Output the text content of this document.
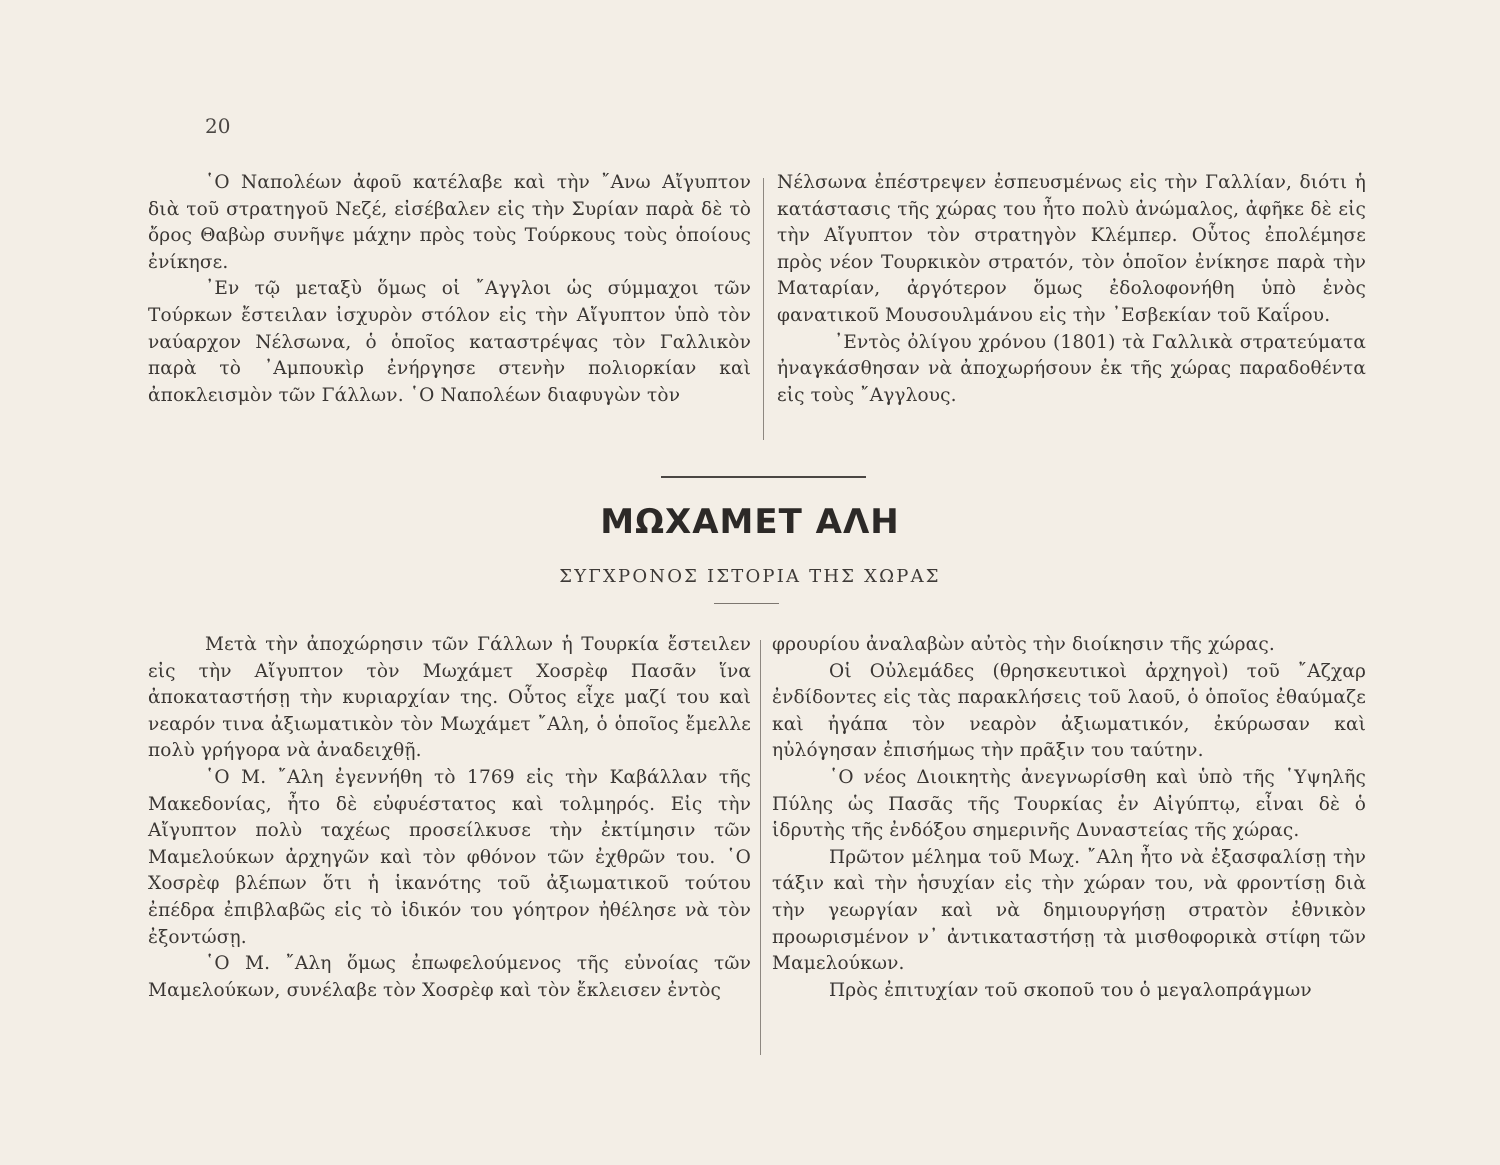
20

῾Ο Ναπολέων ἀφοῦ κατέλαβε καὶ τὴν ῎Ανω Αἴγυπτον διὰ τοῦ στρατηγοῦ Νεζέ, εἰσέβαλεν εἰς τὴν Συρίαν παρὰ δὲ τὸ ὄρος Θαβὼρ συνῆψε μάχην πρὸς τοὺς Τούρκους τοὺς ὁποίους ἐνίκησε.

᾿Εν τῷ μεταξὺ ὅμως οἱ ῎Αγγλοι ὡς σύμμαχοι τῶν Τούρκων ἔστειλαν ἰσχυρὸν στόλον εἰς τὴν Αἴγυπτον ὑπὸ τὸν ναύαρχον Νέλσωνα, ὁ ὁποῖος καταστρέψας τὸν Γαλλικὸν παρὰ τὸ ᾿Αμπουκὶρ ἐνήργησε στενὴν πολιορκίαν καὶ ἀποκλεισμὸν τῶν Γάλλων. ῾Ο Ναπολέων διαφυγὼν τὸν

Νέλσωνα ἐπέστρεψεν ἐσπευσμένως εἰς τὴν Γαλλίαν, διότι ἡ κατάστασις τῆς χώρας του ἦτο πολὺ ἀνώμαλος, ἀφῆκε δὲ εἰς τὴν Αἴγυπτον τὸν στρατηγὸν Κλέμπερ. Οὗτος ἐπολέμησε πρὸς νέον Τουρκικὸν στρατόν, τὸν ὁποῖον ἐνίκησε παρὰ τὴν Ματαρίαν, ἀργότερον ὅμως ἐδολοφονήθη ὑπὸ ἑνὸς φανατικοῦ Μουσουλμάνου εἰς τὴν ᾿Εσβεκίαν τοῦ Καΐρου.

᾿Εντὸς ὀλίγου χρόνου (1801) τὰ Γαλλικὰ στρατεύματα ἠναγκάσθησαν νὰ ἀποχωρήσουν ἐκ τῆς χώρας παραδοθέντα εἰς τοὺς ῎Αγγλους.

ΜΩΧΑΜΕΤ ΑΛΗ
ΣΥΓΧΡΟΝΟΣ ΙΣΤΟΡΙΑ ΤΗΣ ΧΩΡΑΣ

Μετὰ τὴν ἀποχώρησιν τῶν Γάλλων ἡ Τουρκία ἔστειλεν εἰς τὴν Αἴγυπτον τὸν Μωχάμετ Χοσρὲφ Πασᾶν ἵνα ἀποκαταστήσῃ τὴν κυριαρχίαν της. Οὗτος εἶχε μαζί του καὶ νεαρόν τινα ἀξιωματικὸν τὸν Μωχάμετ ῎Αλη, ὁ ὁποῖος ἔμελλε πολὺ γρήγορα νὰ ἀναδειχθῇ.

῾Ο Μ. ῎Αλη ἐγεννήθη τὸ 1769 εἰς τὴν Καβάλλαν τῆς Μακεδονίας, ἦτο δὲ εὐφυέστατος καὶ τολμηρός. Εἰς τὴν Αἴγυπτον πολὺ ταχέως προσείλκυσε τὴν ἐκτίμησιν τῶν Μαμελούκων ἀρχηγῶν καὶ τὸν φθόνον τῶν ἐχθρῶν του. ῾Ο Χοσρὲφ βλέπων ὅτι ἡ ἱκανότης τοῦ ἀξιωματικοῦ τούτου ἐπέδρα ἐπιβλαβῶς εἰς τὸ ἰδικόν του γόητρον ἠθέλησε νὰ τὸν ἐξοντώσῃ.

῾Ο Μ. ῎Αλη ὅμως ἐπωφελούμενος τῆς εὐνοίας τῶν Μαμελούκων, συνέλαβε τὸν Χοσρὲφ καὶ τὸν ἔκλεισεν ἐντὸς

φρουρίου ἀναλαβὼν αὐτὸς τὴν διοίκησιν τῆς χώρας.

Οἱ Οὐλεμάδες (θρησκευτικοὶ ἀρχηγοὶ) τοῦ ῎Αζχαρ ἐνδίδοντες εἰς τὰς παρακλήσεις τοῦ λαοῦ, ὁ ὁποῖος ἐθαύμαζε καὶ ἠγάπα τὸν νεαρὸν ἀξιωματικόν, ἐκύρωσαν καὶ ηὐλόγησαν ἐπισήμως τὴν πρᾶξιν του ταύτην.

῾Ο νέος Διοικητὴς ἀνεγνωρίσθη καὶ ὑπὸ τῆς ῾Υψηλῆς Πύλης ὡς Πασᾶς τῆς Τουρκίας ἐν Αἰγύπτῳ, εἶναι δὲ ὁ ἱδρυτὴς τῆς ἐνδόξου σημερινῆς Δυναστείας τῆς χώρας.

Πρῶτον μέλημα τοῦ Μωχ. ῎Αλη ἦτο νὰ ἐξασφαλίσῃ τὴν τάξιν καὶ τὴν ἡσυχίαν εἰς τὴν χώραν του, νὰ φροντίσῃ διὰ τὴν γεωργίαν καὶ νὰ δημιουργήσῃ στρατὸν ἐθνικὸν προωρισμένον ν᾿ ἀντικαταστήσῃ τὰ μισθοφορικὰ στίφη τῶν Μαμελούκων.

Πρὸς ἐπιτυχίαν τοῦ σκοποῦ του ὁ μεγαλοπράγμων
